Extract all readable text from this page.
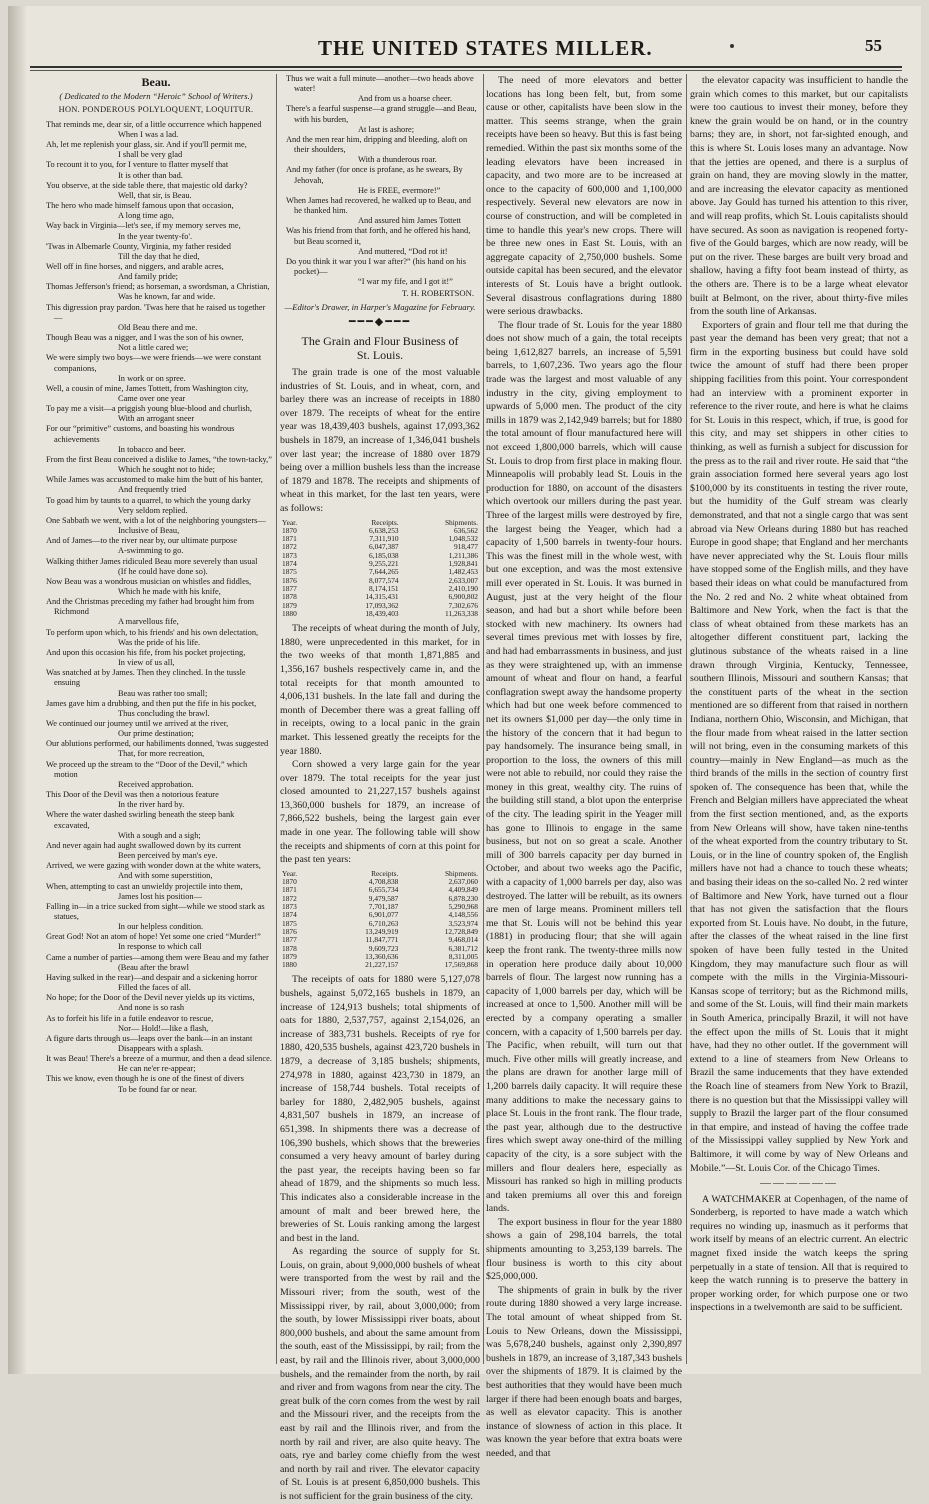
THE UNITED STATES MILLER.	55
Beau.
( Dedicated to the Modern “Heroic” School of Writers.)
HON. PONDEROUS POLYLOQUENT, LOQUITUR.
That reminds me, dear sir, of a little occurrence which happened
When I was a lad.
Ah, let me replenish your glass, sir. And if you'll permit me,
I shall be very glad
To recount it to you, for I venture to flatter myself that
It is other than bad.
You observe, at the side table there, that majestic old darky?
Well, that sir, is Beau.
The hero who made himself famous upon that occasion,
A long time ago,
Way back in Virginia—let's see, if my memory serves me,
In the year twenty-fo'.
'Twas in Albemarle County, Virginia, my father resided
Till the day that he died,
Well off in fine horses, and niggers, and arable acres,
And family pride;
Thomas Jefferson's friend; as horseman, a swordsman, a Christian,
Was he known, far and wide.
This digression pray pardon. 'Twas here that he raised us together—
Old Beau there and me.
Though Beau was a nigger, and I was the son of his owner,
Not a little cared we;
We were simply two boys—we were friends—we were constant companions,
In work or on spree.
Well, a cousin of mine, James Tottett, from Washington city,
Came over one year
To pay me a visit—a priggish young blue-blood and churlish,
With an arrogant sneer
For our “primitive” customs, and boasting his wondrous achievements
In tobacco and beer.
From the first Beau conceived a dislike to James, “the town-tacky,”
Which he sought not to hide;
While James was accustomed to make him the butt of his banter,
And frequently tried
To goad him by taunts to a quarrel, to which the young darky
Very seldom replied.
One Sabbath we went, with a lot of the neighboring youngsters—
Inclusive of Beau,
And of James—to the river near by, our ultimate purpose
A-swimming to go.
Walking thither James ridiculed Beau more severely than usual
(If he could have done so).
Now Beau was a wondrous musician on whistles and fiddles,
Which he made with his knife,
And the Christmas preceding my father had brought him from Richmond
A marvellous fife,
To perform upon which, to his friends' and his own delectation,
Was the pride of his life.
And upon this occasion his fife, from his pocket projecting,
In view of us all,
Was snatched at by James. Then they clinched. In the tussle ensuing
Beau was rather too small;
James gave him a drubbing, and then put the fife in his pocket,
Thus concluding the brawl.
We continued our journey until we arrived at the river,
Our prime destination;
Our ablutions performed, our habiliments donned, 'twas suggested
That, for more recreation,
We proceed up the stream to the “Door of the Devil,” which motion
Received approbation.
This Door of the Devil was then a notorious feature
In the river hard by.
Where the water dashed swirling beneath the steep bank excavated,
With a sough and a sigh;
And never again had aught swallowed down by its current
Been perceived by man's eye.
Arrived, we were gazing with wonder down at the white waters,
And with some superstition,
When, attempting to cast an unwieldy projectile into them,
James lost his position—
Falling in—in a trice sucked from sight—while we stood stark as statues,
In our helpless condition.
Great God! Not an atom of hope! Yet some one cried “Murder!”
In response to which call
Came a number of parties—among them were Beau and my father
(Beau after the brawl
Having sulked in the rear)—and despair and a sickening horror
Filled the faces of all.
No hope; for the Door of the Devil never yields up its victims,
And none is so rash
As to forfeit his life in a futile endeavor to rescue,
Nor— Hold!—like a flash,
A figure darts through us—leaps over the bank—in an instant
Disappears with a splash.
It was Beau! There's a breeze of a murmur, and then a dead silence.
He can ne'er re-appear;
This we know, even though he is one of the finest of divers
To be found far or near.
Thus we wait a full minute—another—two heads above water!
And from us a hoarse cheer.
There's a fearful suspense—a grand struggle—and Beau, with his burden,
At last is ashore;
And the men rear him, dripping and bleeding, aloft on their shoulders,
With a thunderous roar.
And my father (for once is profane, as he swears, By Jehovah,
He is FREE, evermore!”
When James had recovered, he walked up to Beau, and he thanked him.
And assured him James Tottett
Was his friend from that forth, and he offered his hand, but Beau scorned it,
And muttered, “Dod rot it!
Do you think it war you I war after?” (his hand on his pocket)—
“I war my fife, and I got it!”
T. H. ROBERTSON.
—Editor's Drawer, in Harper's Magazine for February.
━━━◆━━━
The Grain and Flour Business of
St. Louis.

The grain trade is one of the most valuable industries of St. Louis, and in wheat, corn, and barley there was an increase of receipts in 1880 over 1879. The receipts of wheat for the entire year was 18,439,403 bushels, against 17,093,362 bushels in 1879, an increase of 1,346,041 bushels over last year; the increase of 1880 over 1879 being over a million bushels less than the increase of 1879 and 1878. The receipts and shipments of wheat in this market, for the last ten years, were as follows:

Year.	Receipts.	Shipments.
1870	6,638,253	636,562
1871	7,311,910	1,048,532
1872	6,047,387	918,477
1873	6,185,038	1,211,386
1874	9,255,221	1,928,841
1875	7,644,265	1,482,453
1876	8,077,574	2,633,007
1877	8,174,151	2,410,190
1878	14,315,431	6,900,802
1879	17,093,362	7,302,676
1880	18,439,403	11,263,338

The receipts of wheat during the month of July, 1880, were unprecedented in this market, for in the two weeks of that month 1,871,885 and 1,356,167 bushels respectively came in, and the total receipts for that month amounted to 4,006,131 bushels. In the late fall and during the month of December there was a great falling off in receipts, owing to a local panic in the grain market. This lessened greatly the receipts for the year 1880.

Corn showed a very large gain for the year over 1879. The total receipts for the year just closed amounted to 21,227,157 bushels against 13,360,000 bushels for 1879, an increase of 7,866,522 bushels, being the largest gain ever made in one year. The following table will show the receipts and shipments of corn at this point for the past ten years:

Year.	Receipts.	Shipments.
1870	4,708,838	2,637,060
1871	6,655,734	4,409,849
1872	9,479,587	6,878,230
1873	7,701,187	5,290,968
1874	6,901,077	4,148,556
1875	6,710,263	3,523,974
1876	13,249,919	12,728,849
1877	11,847,771	9,468,014
1878	9,609,723	6,381,712
1879	13,360,636	8,311,005
1880	21,227,157	17,569,868

The receipts of oats for 1880 were 5,127,078 bushels, against 5,072,165 bushels in 1879, an increase of 124,913 bushels; total shipments of oats for 1880, 2,537,757, against 2,154,026, an increase of 383,731 bushels. Receipts of rye for 1880, 420,535 bushels, against 423,720 bushels in 1879, a decrease of 3,185 bushels; shipments, 274,978 in 1880, against 423,730 in 1879, an increase of 158,744 bushels. Total receipts of barley for 1880, 2,482,905 bushels, against 4,831,507 bushels in 1879, an increase of 651,398. In shipments there was a decrease of 106,390 bushels, which shows that the breweries consumed a very heavy amount of barley during the past year, the receipts having been so far ahead of 1879, and the shipments so much less. This indicates also a considerable increase in the amount of malt and beer brewed here, the breweries of St. Louis ranking among the largest and best in the land.

As regarding the source of supply for St. Louis, on grain, about 9,000,000 bushels of wheat were transported from the west by rail and the Missouri river; from the south, west of the Mississippi river, by rail, about 3,000,000; from the south, by lower Mississippi river boats, about 800,000 bushels, and about the same amount from the south, east of the Mississippi, by rail; from the east, by rail and the Illinois river, about 3,000,000 bushels, and the remainder from the north, by rail and river and from wagons from near the city. The great bulk of the corn comes from the west by rail and the Missouri river, and the receipts from the east by rail and the Illinois river, and from the north by rail and river, are also quite heavy. The oats, rye and barley come chiefly from the west and north by rail and river. The elevator capacity of St. Louis is at present 6,850,000 bushels. This is not sufficient for the grain business of the city.

The need of more elevators and better locations has long been felt, but, from some cause or other, capitalists have been slow in the matter. This seems strange, when the grain receipts have been so heavy. But this is fast being remedied. Within the past six months some of the leading elevators have been increased in capacity, and two more are to be increased at once to the capacity of 600,000 and 1,100,000 respectively. Several new elevators are now in course of construction, and will be completed in time to handle this year's new crops. There will be three new ones in East St. Louis, with an aggregate capacity of 2,750,000 bushels. Some outside capital has been secured, and the elevator interests of St. Louis have a bright outlook. Several disastrous conflagrations during 1880 were serious drawbacks.

The flour trade of St. Louis for the year 1880 does not show much of a gain, the total receipts being 1,612,827 barrels, an increase of 5,591 barrels, to 1,607,236. Two years ago the flour trade was the largest and most valuable of any industry in the city, giving employment to upwards of 5,000 men. The product of the city mills in 1879 was 2,142,949 barrels; but for 1880 the total amount of flour manufactured here will not exceed 1,800,000 barrels, which will cause St. Louis to drop from first place in making flour. Minneapolis will probably lead St. Louis in the production for 1880, on account of the disasters which overtook our millers during the past year. Three of the largest mills were destroyed by fire, the largest being the Yeager, which had a capacity of 1,500 barrels in twenty-four hours. This was the finest mill in the whole west, with but one exception, and was the most extensive mill ever operated in St. Louis. It was burned in August, just at the very height of the flour season, and had but a short while before been stocked with new machinery. Its owners had several times previous met with losses by fire, and had had embarrassments in business, and just as they were straightened up, with an immense amount of wheat and flour on hand, a fearful conflagration swept away the handsome property which had but one week before commenced to net its owners $1,000 per day—the only time in the history of the concern that it had begun to pay handsomely. The insurance being small, in proportion to the loss, the owners of this mill were not able to rebuild, nor could they raise the money in this great, wealthy city. The ruins of the building still stand, a blot upon the enterprise of the city. The leading spirit in the Yeager mill has gone to Illinois to engage in the same business, but not on so great a scale. Another mill of 300 barrels capacity per day burned in October, and about two weeks ago the Pacific, with a capacity of 1,000 barrels per day, also was destroyed. The latter will be rebuilt, as its owners are men of large means. Prominent millers tell me that St. Louis will not be behind this year (1881) in producing flour; that she will again keep the front rank. The twenty-three mills now in operation here produce daily about 10,000 barrels of flour. The largest now running has a capacity of 1,000 barrels per day, which will be increased at once to 1,500. Another mill will be erected by a company operating a smaller concern, with a capacity of 1,500 barrels per day. The Pacific, when rebuilt, will turn out that much. Five other mills will greatly increase, and the plans are drawn for another large mill of 1,200 barrels daily capacity. It will require these many additions to make the necessary gains to place St. Louis in the front rank. The flour trade, the past year, although due to the destructive fires which swept away one-third of the milling capacity of the city, is a sore subject with the millers and flour dealers here, especially as Missouri has ranked so high in milling products and taken premiums all over this and foreign lands.

The export business in flour for the year 1880 shows a gain of 298,104 barrels, the total shipments amounting to 3,253,139 barrels. The flour business is worth to this city about $25,000,000.

The shipments of grain in bulk by the river route during 1880 showed a very large increase. The total amount of wheat shipped from St. Louis to New Orleans, down the Mississippi, was 5,678,240 bushels, against only 2,390,897 bushels in 1879, an increase of 3,187,343 bushels over the shipments of 1879. It is claimed by the best authorities that they would have been much larger if there had been enough boats and barges, as well as elevator capacity. This is another instance of slowness of action in this place. It was known the year before that extra boats were needed, and that

the elevator capacity was insufficient to handle the grain which comes to this market, but our capitalists were too cautious to invest their money, before they knew the grain would be on hand, or in the country barns; they are, in short, not far-sighted enough, and this is where St. Louis loses many an advantage. Now that the jetties are opened, and there is a surplus of grain on hand, they are moving slowly in the matter, and are increasing the elevator capacity as mentioned above. Jay Gould has turned his attention to this river, and will reap profits, which St. Louis capitalists should have secured. As soon as navigation is reopened forty-five of the Gould barges, which are now ready, will be put on the river. These barges are built very broad and shallow, having a fifty foot beam instead of thirty, as the others are. There is to be a large wheat elevator built at Belmont, on the river, about thirty-five miles from the south line of Arkansas.

Exporters of grain and flour tell me that during the past year the demand has been very great; that not a firm in the exporting business but could have sold twice the amount of stuff had there been proper shipping facilities from this point. Your correspondent had an interview with a prominent exporter in reference to the river route, and here is what he claims for St. Louis in this respect, which, if true, is good for this city, and may set shippers in other cities to thinking, as well as furnish a subject for discussion for the press as to the rail and river route. He said that “the grain association formed here several years ago lost $100,000 by its constituents in testing the river route, but the humidity of the Gulf stream was clearly demonstrated, and that not a single cargo that was sent abroad via New Orleans during 1880 but has reached Europe in good shape; that England and her merchants have never appreciated why the St. Louis flour mills have stopped some of the English mills, and they have based their ideas on what could be manufactured from the No. 2 red and No. 2 white wheat obtained from Baltimore and New York, when the fact is that the class of wheat obtained from these markets has an altogether different constituent part, lacking the glutinous substance of the wheats raised in a line drawn through Virginia, Kentucky, Tennessee, southern Illinois, Missouri and southern Kansas; that the constituent parts of the wheat in the section mentioned are so different from that raised in northern Indiana, northern Ohio, Wisconsin, and Michigan, that the flour made from wheat raised in the latter section will not bring, even in the consuming markets of this country—mainly in New England—as much as the third brands of the mills in the section of country first spoken of. The consequence has been that, while the French and Belgian millers have appreciated the wheat from the first section mentioned, and, as the exports from New Orleans will show, have taken nine-tenths of the wheat exported from the country tributary to St. Louis, or in the line of country spoken of, the English millers have not had a chance to touch these wheats; and basing their ideas on the so-called No. 2 red winter of Baltimore and New York, have turned out a flour that has not given the satisfaction that the flours exported from St. Louis have. No doubt, in the future, after the classes of the wheat raised in the line first spoken of have been fully tested in the United Kingdom, they may manufacture such flour as will compete with the mills in the Virginia-Missouri-Kansas scope of territory; but as the Richmond mills, and some of the St. Louis, will find their main markets in South America, principally Brazil, it will not have the effect upon the mills of St. Louis that it might have, had they no other outlet. If the government will extend to a line of steamers from New Orleans to Brazil the same inducements that they have extended the Roach line of steamers from New York to Brazil, there is no question but that the Mississippi valley will supply to Brazil the larger part of the flour consumed in that empire, and instead of having the coffee trade of the Mississippi valley supplied by New York and Baltimore, it will come by way of New Orleans and Mobile.”—St. Louis Cor. of the Chicago Times.

——————

A WATCHMAKER at Copenhagen, of the name of Sonderberg, is reported to have made a watch which requires no winding up, inasmuch as it performs that work itself by means of an electric current. An electric magnet fixed inside the watch keeps the spring perpetually in a state of tension. All that is required to keep the watch running is to preserve the battery in proper working order, for which purpose one or two inspections in a twelvemonth are said to be sufficient.
